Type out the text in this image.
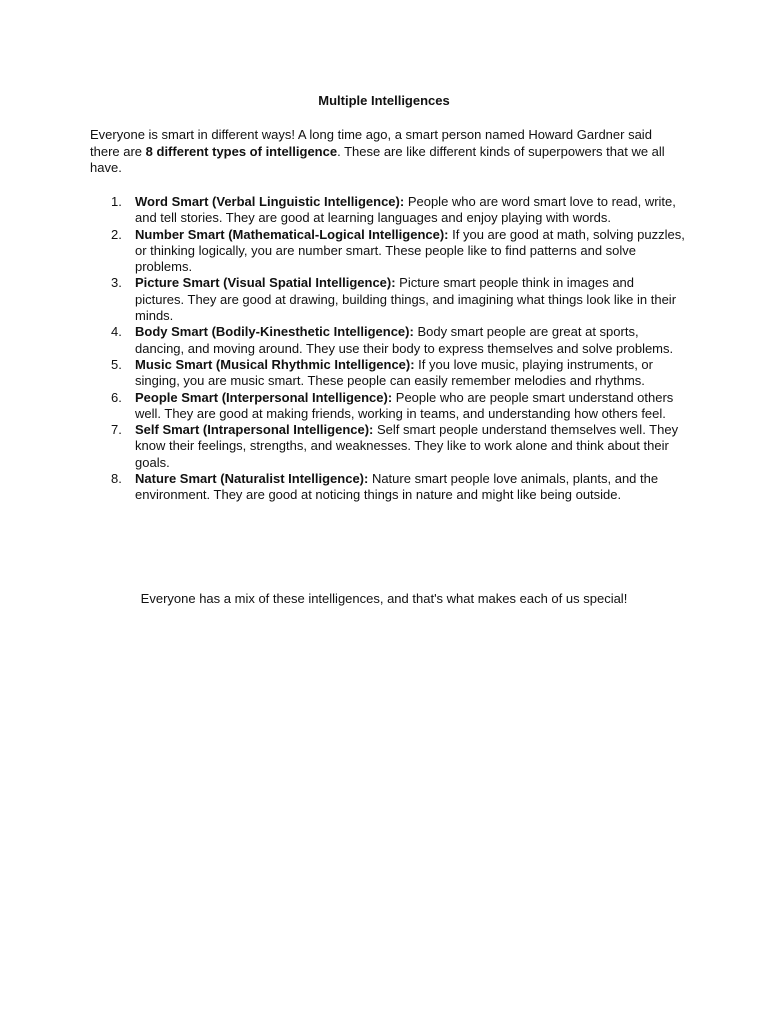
Multiple Intelligences

Everyone is smart in different ways! A long time ago, a smart person named Howard Gardner said there are 8 different types of intelligence. These are like different kinds of superpowers that we all have.

1. Word Smart (Verbal Linguistic Intelligence): People who are word smart love to read, write, and tell stories. They are good at learning languages and enjoy playing with words.
2. Number Smart (Mathematical-Logical Intelligence): If you are good at math, solving puzzles, or thinking logically, you are number smart. These people like to find patterns and solve problems.
3. Picture Smart (Visual Spatial Intelligence): Picture smart people think in images and pictures. They are good at drawing, building things, and imagining what things look like in their minds.
4. Body Smart (Bodily-Kinesthetic Intelligence): Body smart people are great at sports, dancing, and moving around. They use their body to express themselves and solve problems.
5. Music Smart (Musical Rhythmic Intelligence): If you love music, playing instruments, or singing, you are music smart. These people can easily remember melodies and rhythms.
6. People Smart (Interpersonal Intelligence): People who are people smart understand others well. They are good at making friends, working in teams, and understanding how others feel.
7. Self Smart (Intrapersonal Intelligence): Self smart people understand themselves well. They know their feelings, strengths, and weaknesses. They like to work alone and think about their goals.
8. Nature Smart (Naturalist Intelligence): Nature smart people love animals, plants, and the environment. They are good at noticing things in nature and might like being outside.
Everyone has a mix of these intelligences, and that's what makes each of us special!
